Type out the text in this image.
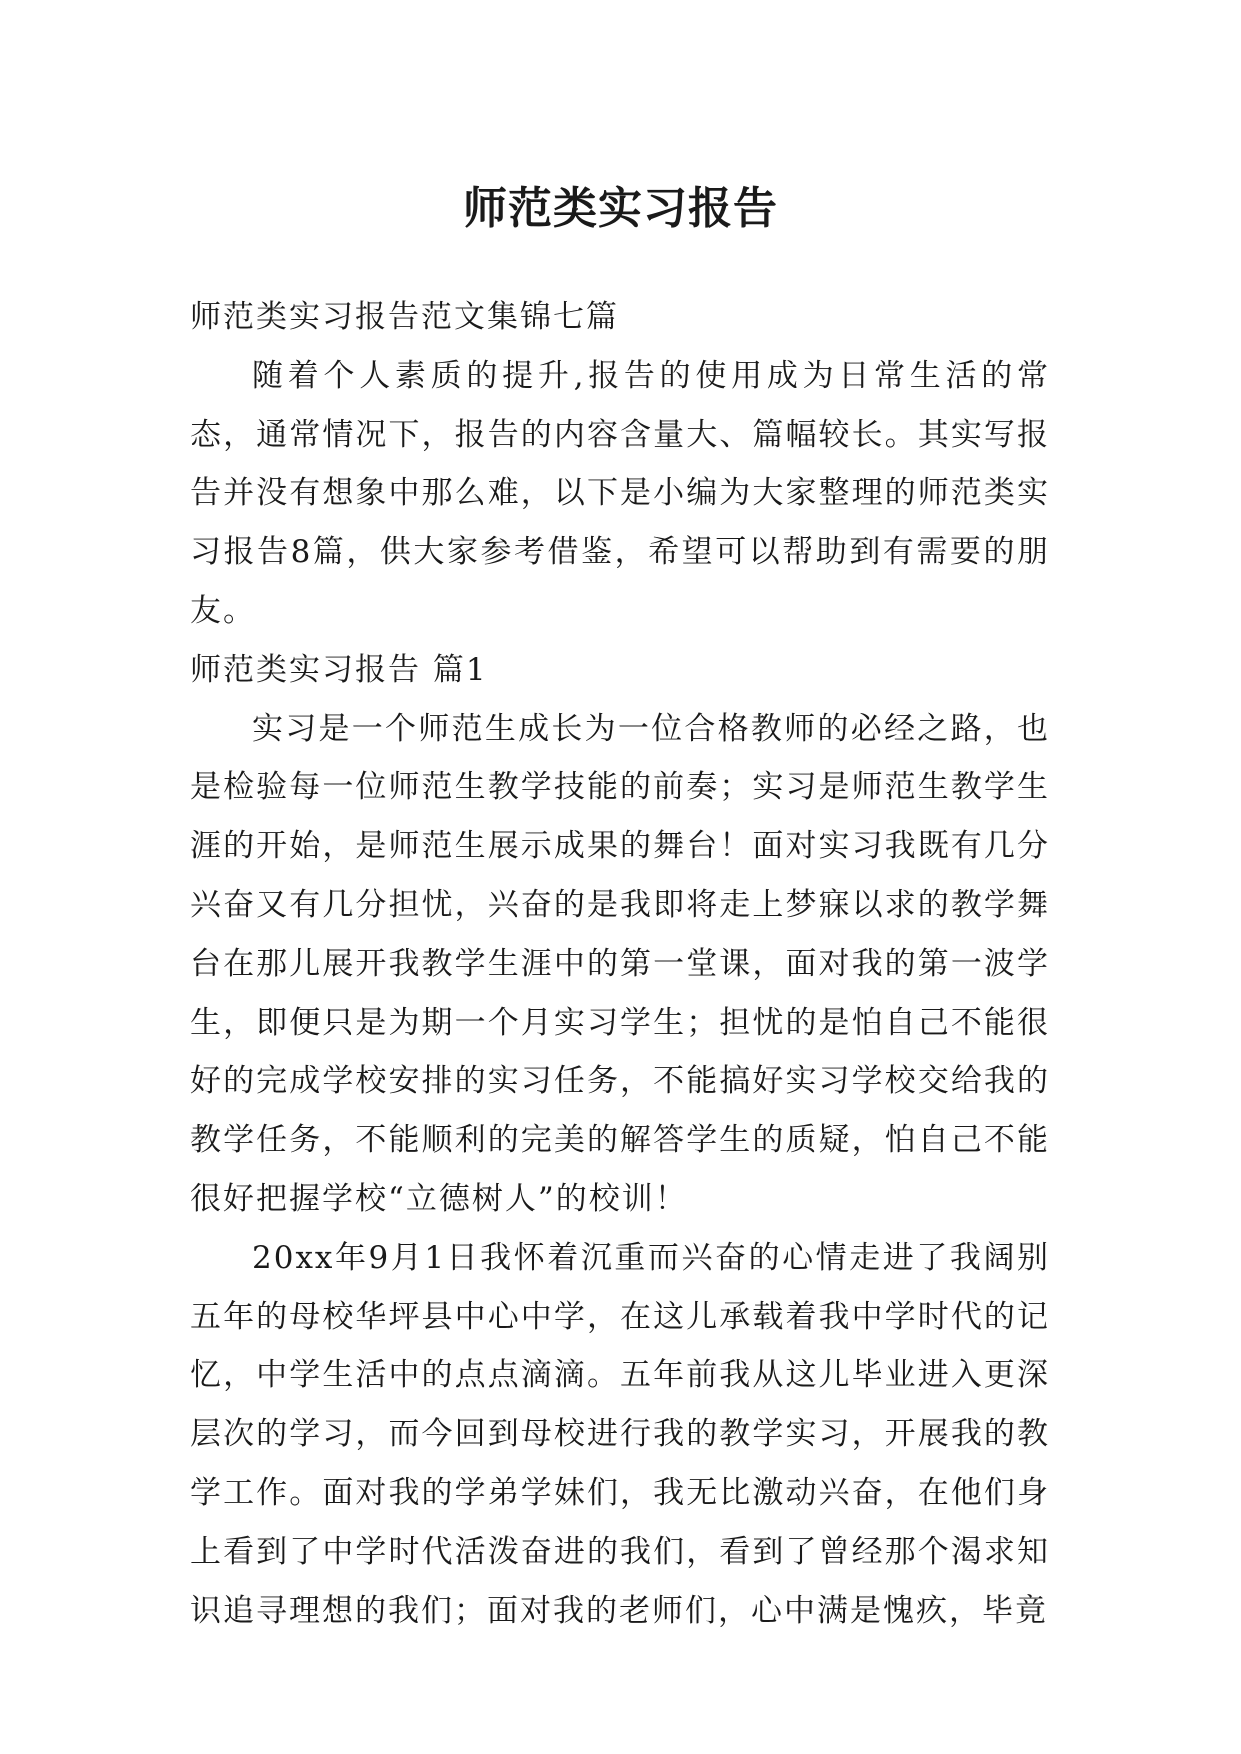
师范类实习报告

师范类实习报告范文集锦七篇

随着个人素质的提升,报告的使用成为日常生活的常态，通常情况下，报告的内容含量大、篇幅较长。其实写报告并没有想象中那么难，以下是小编为大家整理的师范类实习报告8篇，供大家参考借鉴，希望可以帮助到有需要的朋友。

师范类实习报告 篇1

实习是一个师范生成长为一位合格教师的必经之路，也是检验每一位师范生教学技能的前奏；实习是师范生教学生涯的开始，是师范生展示成果的舞台！面对实习我既有几分兴奋又有几分担忧，兴奋的是我即将走上梦寐以求的教学舞台在那儿展开我教学生涯中的第一堂课，面对我的第一波学生，即便只是为期一个月实习学生；担忧的是怕自己不能很好的完成学校安排的实习任务，不能搞好实习学校交给我的教学任务，不能顺利的完美的解答学生的质疑，怕自己不能很好把握学校“立德树人”的校训！

20xx年9月1日我怀着沉重而兴奋的心情走进了我阔别五年的母校华坪县中心中学，在这儿承载着我中学时代的记忆，中学生活中的点点滴滴。五年前我从这儿毕业进入更深层次的学习，而今回到母校进行我的教学实习，开展我的教学工作。面对我的学弟学妹们，我无比激动兴奋，在他们身上看到了中学时代活泼奋进的我们，看到了曾经那个渴求知识追寻理想的我们；面对我的老师们，心中满是愧疚，毕竟
